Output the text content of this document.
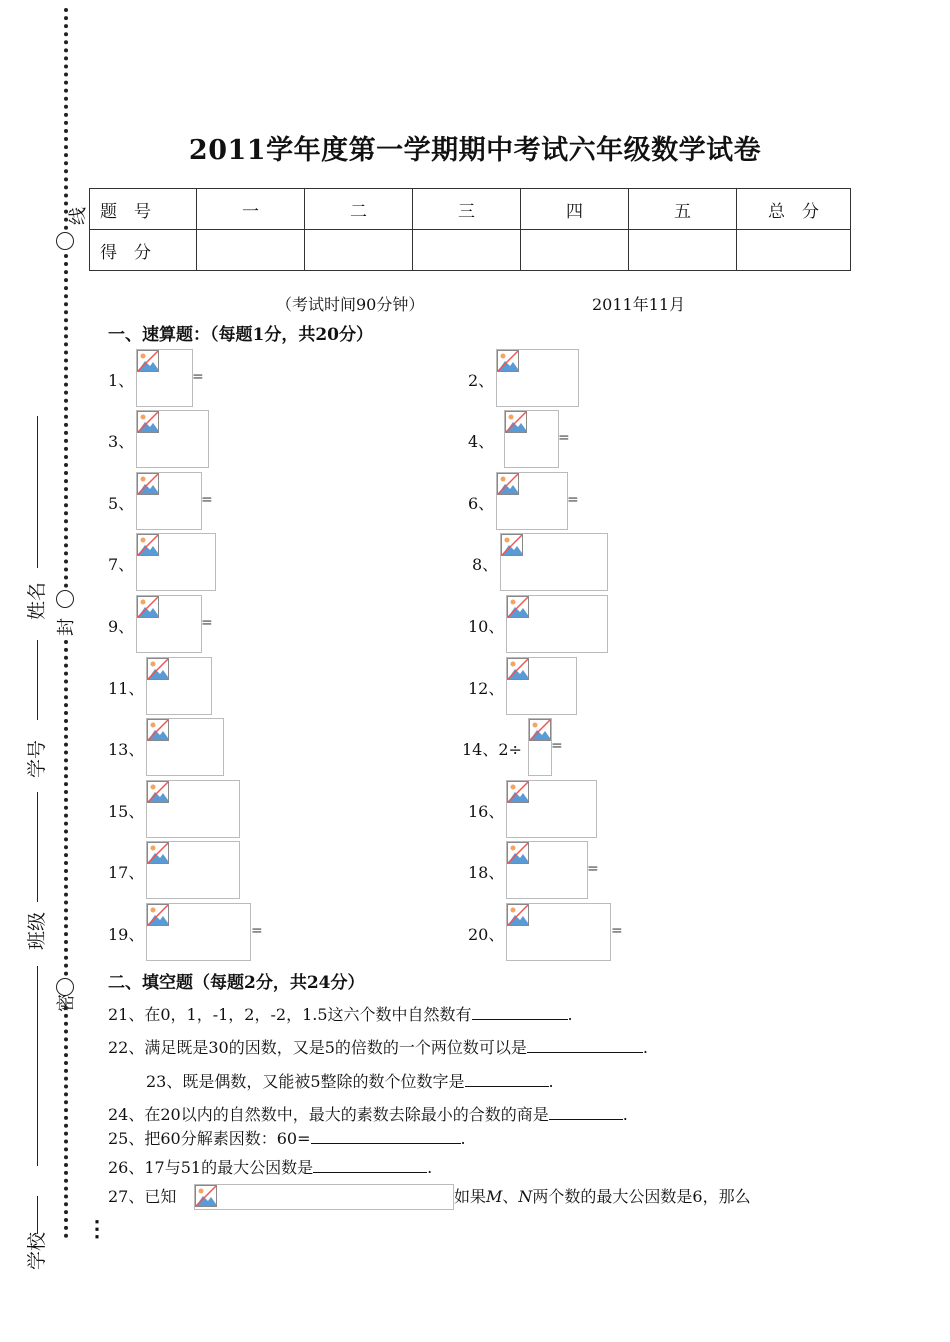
线
封
密
⋮
姓名
学号
班级
学校
2011学年度第一学期期中考试六年级数学试卷
题　号	一	二	三	四	五	总　分
得　分						
（考试时间90分钟）	2011年11月
一、速算题：（每题1分，共20分）
1、	=	2、
3、	4、	=
5、	=	6、	=
7、	8、
9、	=	10、
11、	12、
13、	14、2÷ =
15、	16、
17、	18、	=
19、	=	20、	=
二、填空题（每题2分，共24分）
21、在0，1，-1，2，-2，1.5这六个数中自然数有	.
22、满足既是30的因数，又是5的倍数的一个两位数可以是	.
23、既是偶数，又能被5整除的数个位数字是	.
24、在20以内的自然数中，最大的素数去除最小的合数的商是	.
25、把60分解素因数：60=	.
26、17与51的最大公因数是	.
27、已知	如果M、N两个数的最大公因数是6，那么
